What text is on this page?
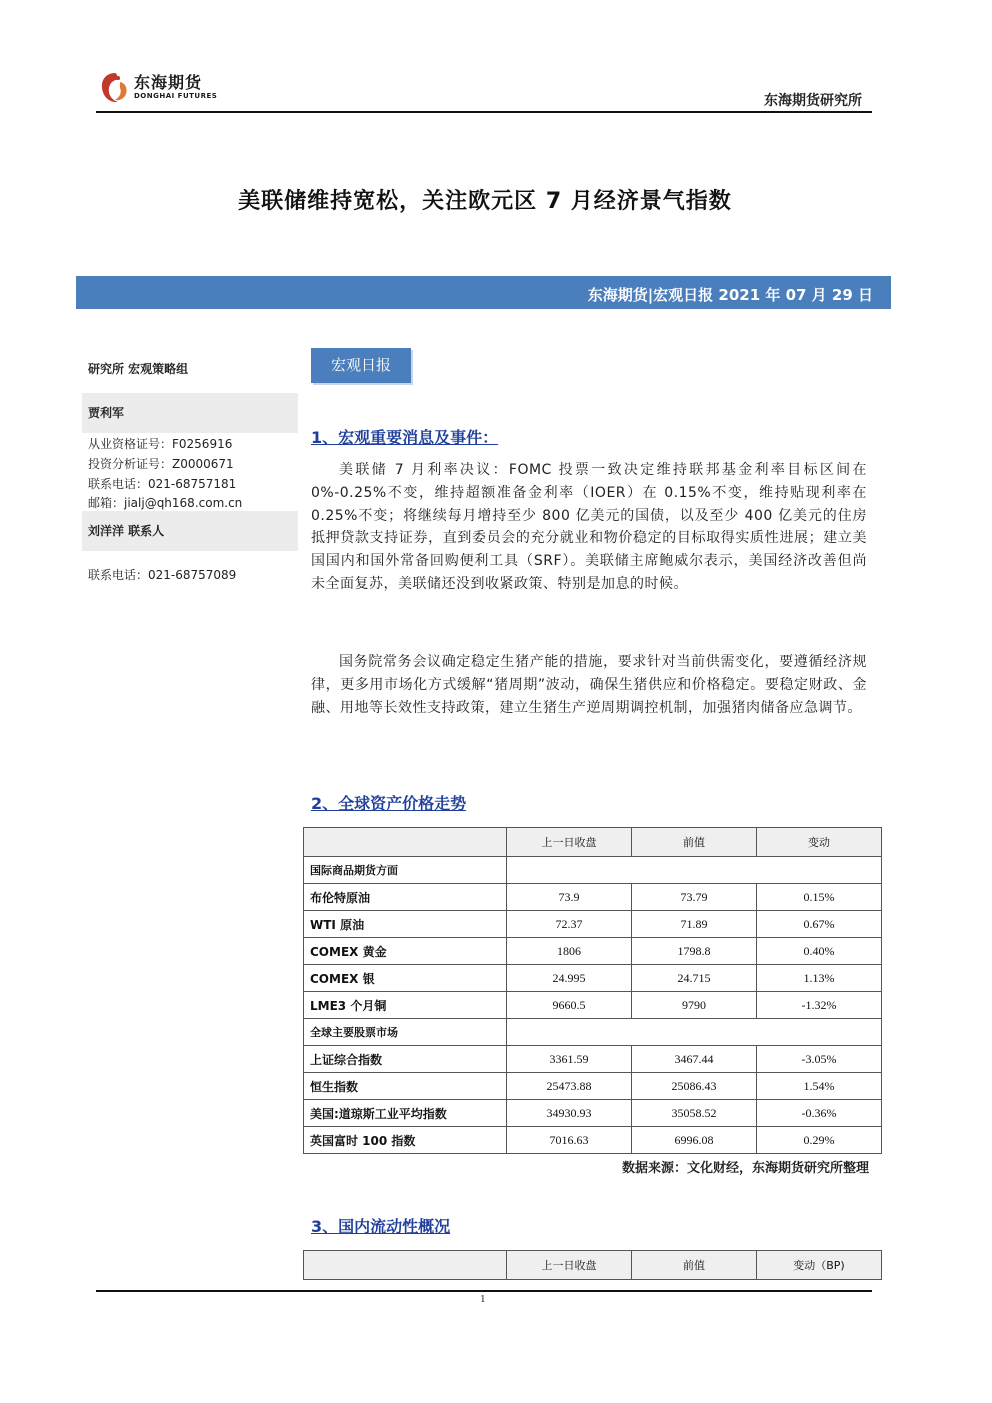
东海期货
DONGHAI FUTURES	东海期货研究所
美联储维持宽松，关注欧元区 7 月经济景气指数
东海期货|宏观日报 2021 年 07 月 29 日
研究所 宏观策略组
贾利军
从业资格证号：F0256916
投资分析证号：Z0000671
联系电话：021-68757181
邮箱：jialj@qh168.com.cn
刘洋洋 联系人
联系电话：021-68757089
宏观日报
1、宏观重要消息及事件：
美联储 7 月利率决议：FOMC 投票一致决定维持联邦基金利率目标区间在 0%-0.25%不变，维持超额准备金利率（IOER）在 0.15%不变，维持贴现利率在 0.25%不变；将继续每月增持至少 800 亿美元的国债，以及至少 400 亿美元的住房抵押贷款支持证券，直到委员会的充分就业和物价稳定的目标取得实质性进展；建立美国国内和国外常备回购便利工具（SRF）。美联储主席鲍威尔表示，美国经济改善但尚未全面复苏，美联储还没到收紧政策、特别是加息的时候。
国务院常务会议确定稳定生猪产能的措施，要求针对当前供需变化，要遵循经济规律，更多用市场化方式缓解“猪周期”波动，确保生猪供应和价格稳定。要稳定财政、金融、用地等长效性支持政策，建立生猪生产逆周期调控机制，加强猪肉储备应急调节。
2、全球资产价格走势
	上一日收盘	前值	变动
国际商品期货方面			
布伦特原油	73.9	73.79	0.15%
WTI 原油	72.37	71.89	0.67%
COMEX 黄金	1806	1798.8	0.40%
COMEX 银	24.995	24.715	1.13%
LME3 个月铜	9660.5	9790	-1.32%
全球主要股票市场			
上证综合指数	3361.59	3467.44	-3.05%
恒生指数	25473.88	25086.43	1.54%
美国:道琼斯工业平均指数	34930.93	35058.52	-0.36%
英国富时 100 指数	7016.63	6996.08	0.29%
数据来源：文化财经，东海期货研究所整理
3、国内流动性概况
	上一日收盘	前值	变动（BP)
1
